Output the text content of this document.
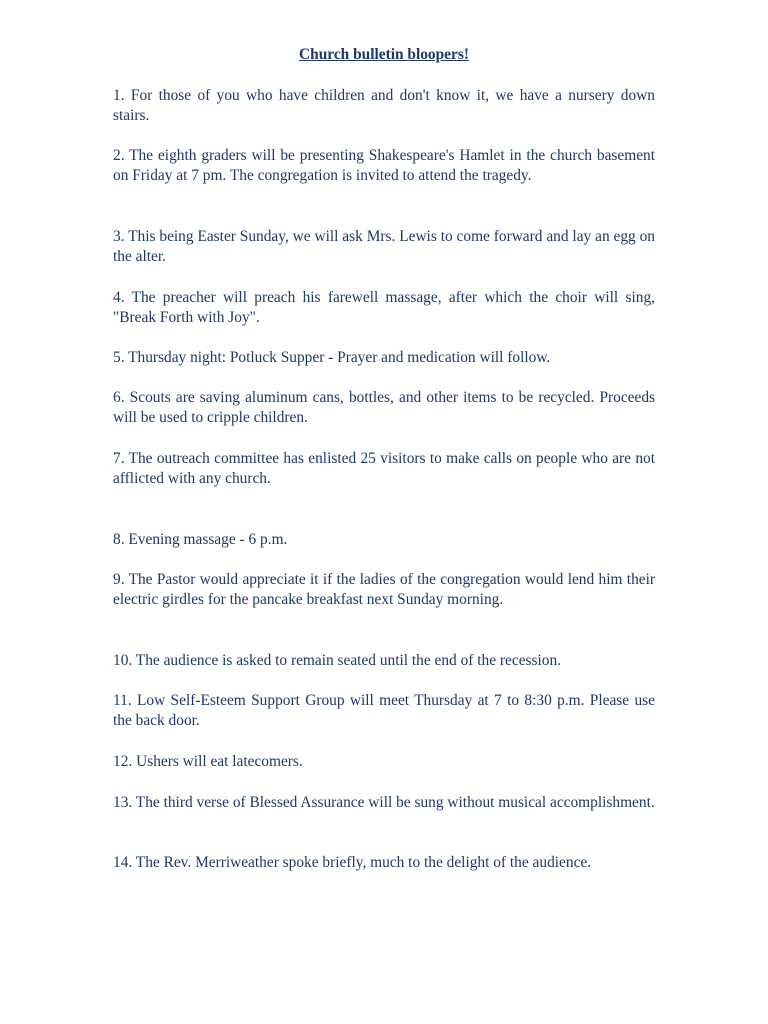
Church bulletin bloopers!

1. For those of you who have children and don't know it, we have a nursery down stairs.

2. The eighth graders will be presenting Shakespeare's Hamlet in the church basement on Friday at 7 pm. The congregation is invited to attend the tragedy.

3. This being Easter Sunday, we will ask Mrs. Lewis to come forward and lay an egg on the alter.

4. The preacher will preach his farewell massage, after which the choir will sing, "Break Forth with Joy".

5. Thursday night: Potluck Supper - Prayer and medication will follow.

6. Scouts are saving aluminum cans, bottles, and other items to be recycled. Proceeds will be used to cripple children.

7. The outreach committee has enlisted 25 visitors to make calls on people who are not afflicted with any church.

8. Evening massage - 6 p.m.

9. The Pastor would appreciate it if the ladies of the congregation would lend him their electric girdles for the pancake breakfast next Sunday morning.

10. The audience is asked to remain seated until the end of the recession.

11. Low Self-Esteem Support Group will meet Thursday at 7 to 8:30 p.m. Please use the back door.

12. Ushers will eat latecomers.

13. The third verse of Blessed Assurance will be sung without musical accomplishment.

14. The Rev. Merriweather spoke briefly, much to the delight of the audience.
